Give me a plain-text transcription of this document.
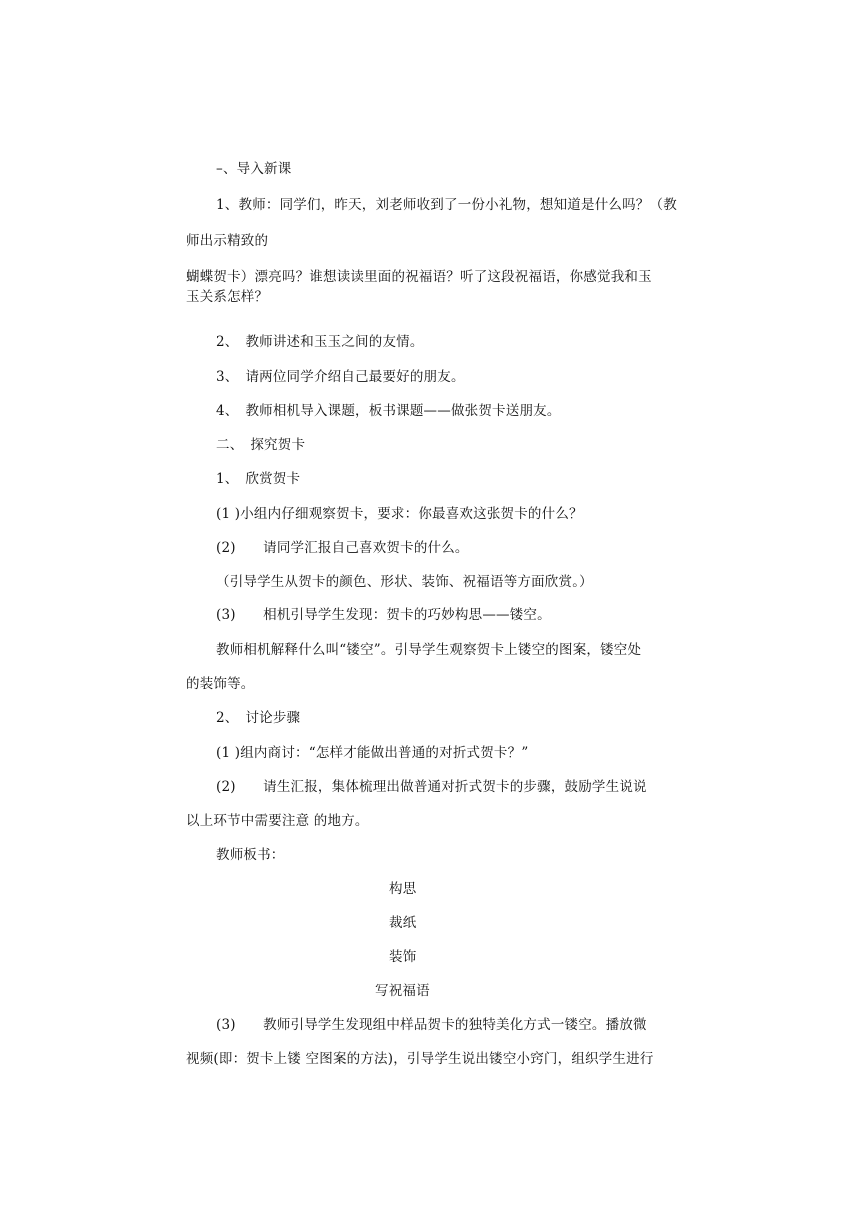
–、导入新课
1、教师：同学们，昨天，刘老师收到了一份小礼物，想知道是什么吗？（教
师出示精致的
蝴蝶贺卡）漂亮吗？谁想读读里面的祝福语？听了这段祝福语，你感觉我和玉
玉关系怎样？
2、　教师讲述和玉玉之间的友情。
3、　请两位同学介绍自己最要好的朋友。
4、　教师相机导入课题，板书课题——做张贺卡送朋友。
二、　探究贺卡
1、　欣赏贺卡
(1 )小组内仔细观察贺卡，要求：你最喜欢这张贺卡的什么？
(2)　　请同学汇报自己喜欢贺卡的什么。
（引导学生从贺卡的颜色、形状、装饰、祝福语等方面欣赏。）
(3)　　相机引导学生发现：贺卡的巧妙构思——镂空。
教师相机解释什么叫“镂空”。引导学生观察贺卡上镂空的图案，镂空处
的装饰等。
2、　讨论步骤
(1 )组内商讨：“怎样才能做出普通的对折式贺卡？”
(2)　　请生汇报，集体梳理出做普通对折式贺卡的步骤，鼓励学生说说
以上环节中需要注意 的地方。
教师板书：
构思
裁纸
装饰
写祝福语
(3)　　教师引导学生发现组中样品贺卡的独特美化方式一镂空。播放微
视频(即：贺卡上镂 空图案的方法)，引导学生说出镂空小窍门，组织学生进行
